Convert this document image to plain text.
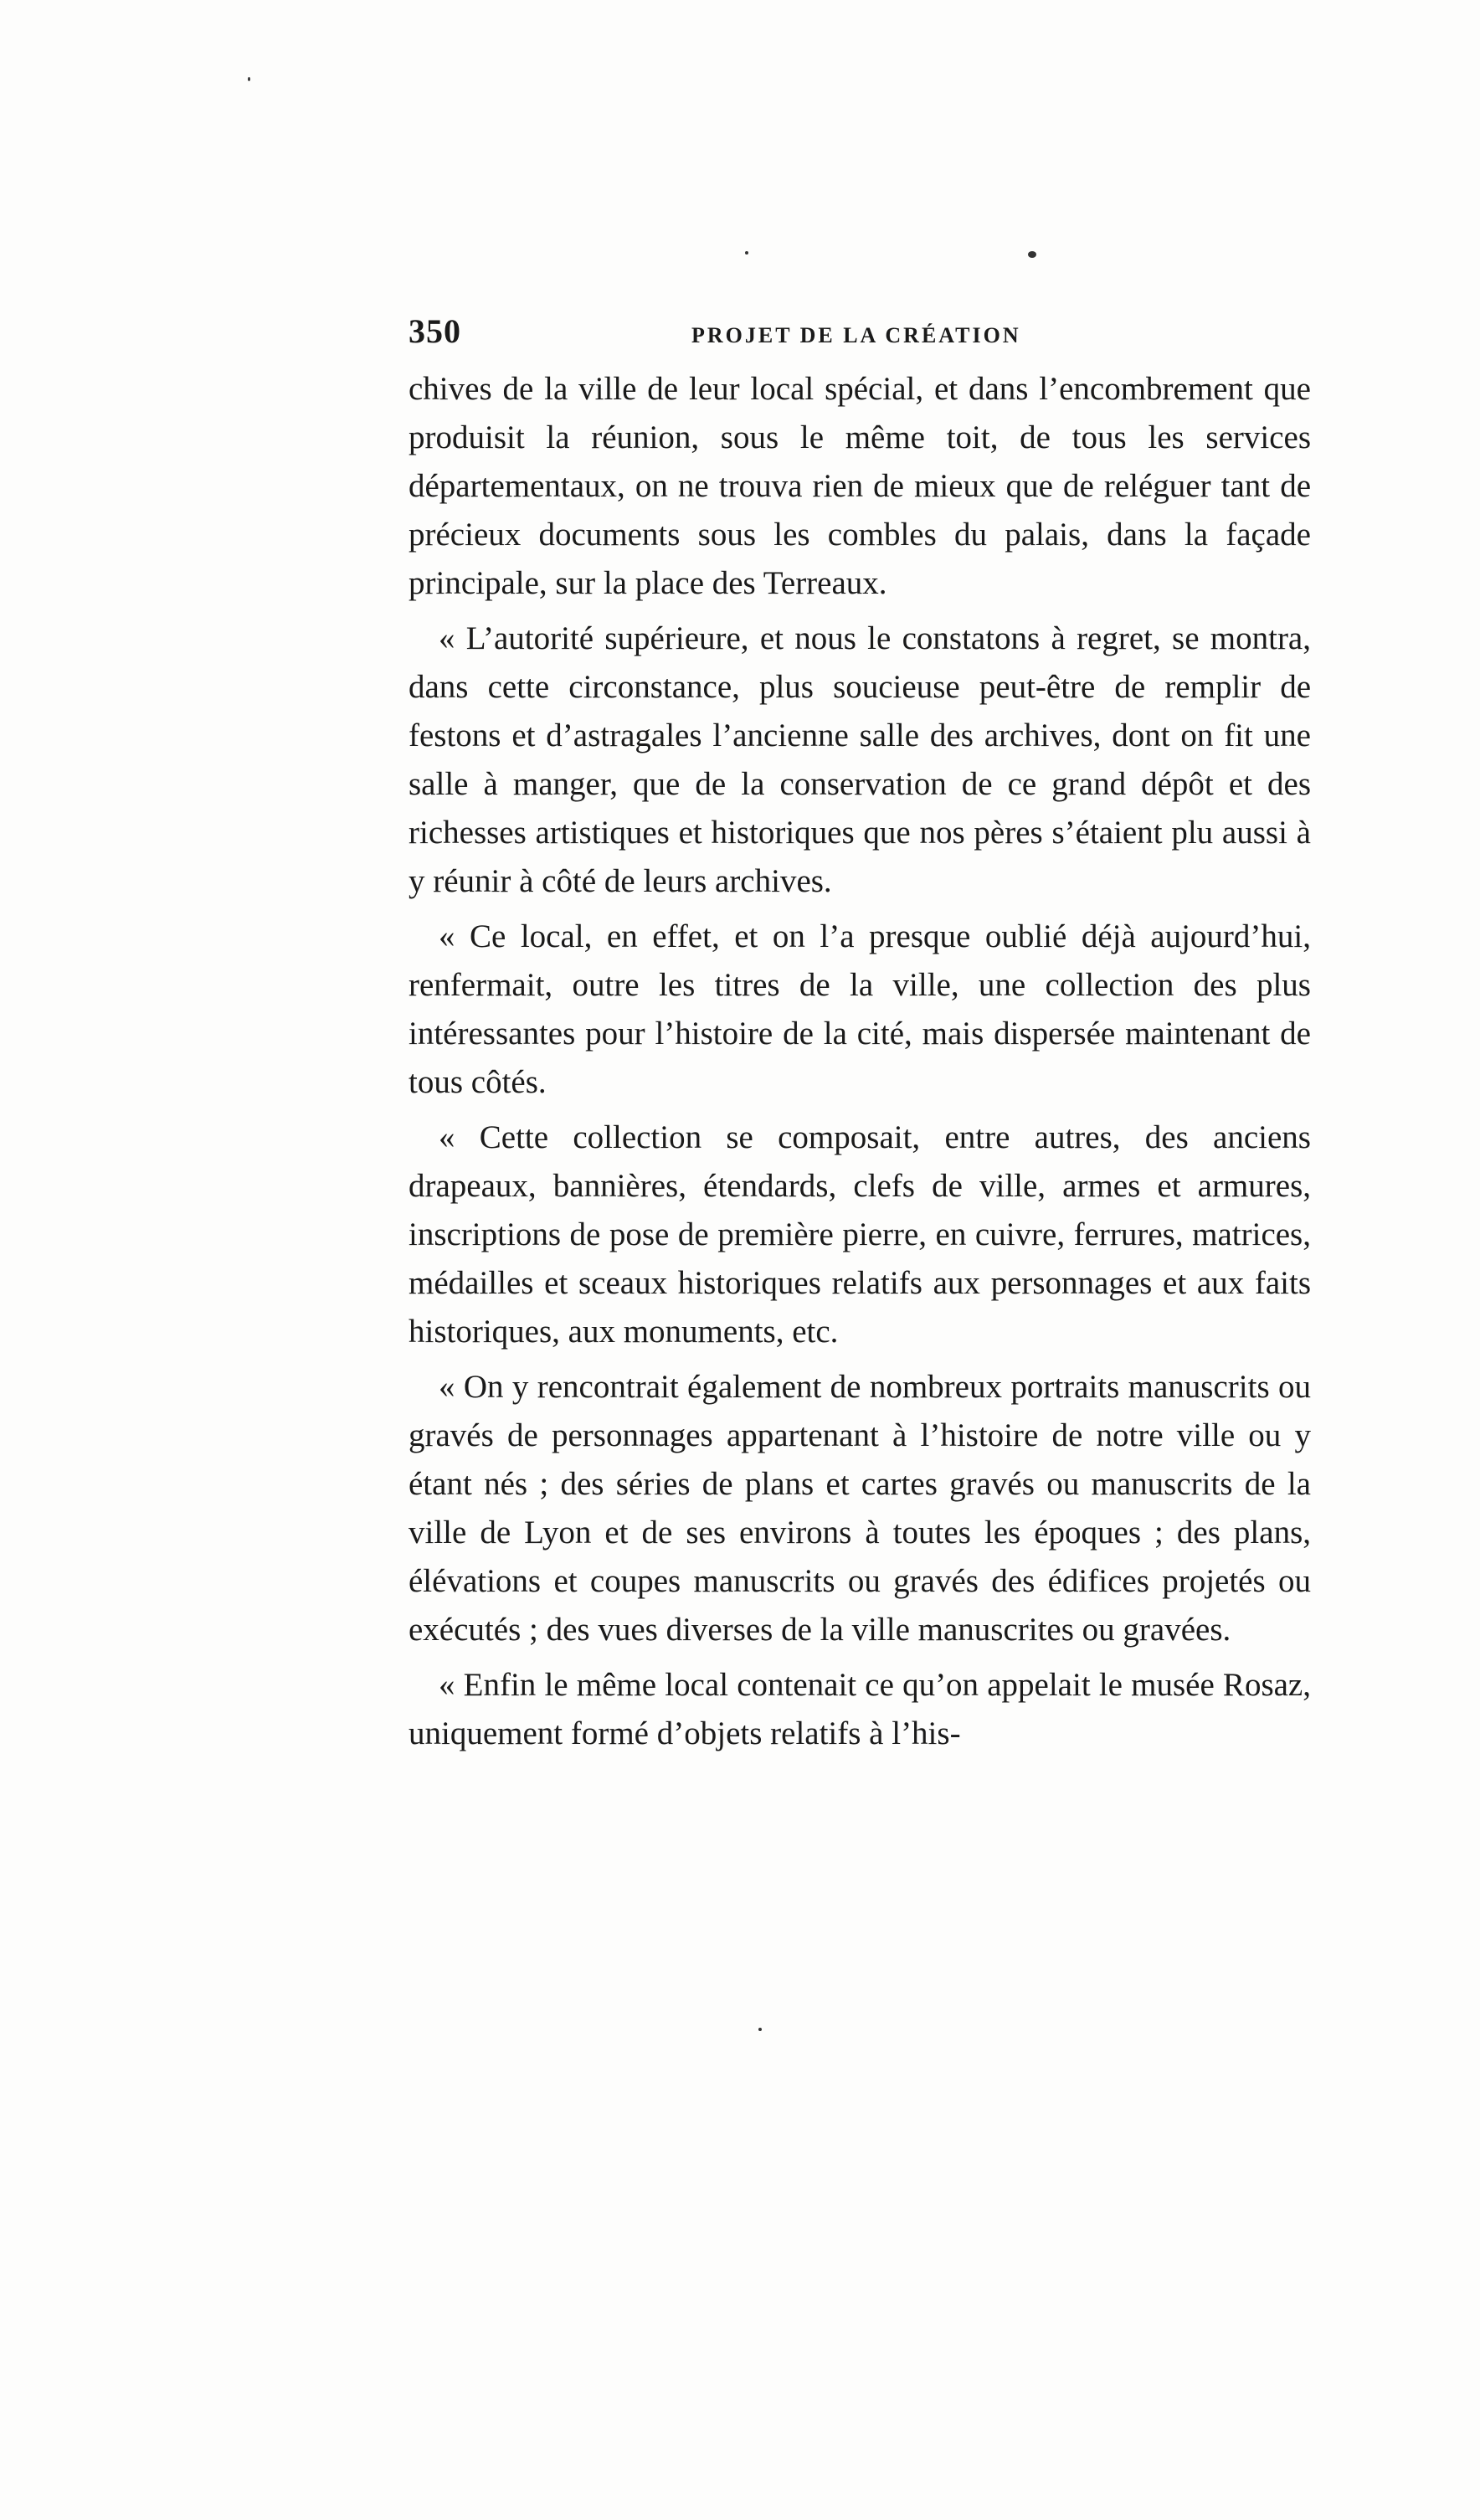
350	PROJET DE LA CRÉATION

chives de la ville de leur local spécial, et dans l’encombrement que produisit la réunion, sous le même toit, de tous les services départementaux, on ne trouva rien de mieux que de reléguer tant de précieux documents sous les combles du palais, dans la façade principale, sur la place des Terreaux.

« L’autorité supérieure, et nous le constatons à regret, se montra, dans cette circonstance, plus soucieuse peut-être de remplir de festons et d’astragales l’ancienne salle des archives, dont on fit une salle à manger, que de la conservation de ce grand dépôt et des richesses artistiques et historiques que nos pères s’étaient plu aussi à y réunir à côté de leurs archives.

« Ce local, en effet, et on l’a presque oublié déjà aujourd’hui, renfermait, outre les titres de la ville, une collection des plus intéressantes pour l’histoire de la cité, mais dispersée maintenant de tous côtés.

« Cette collection se composait, entre autres, des anciens drapeaux, bannières, étendards, clefs de ville, armes et armures, inscriptions de pose de première pierre, en cuivre, ferrures, matrices, médailles et sceaux historiques relatifs aux personnages et aux faits historiques, aux monuments, etc.

« On y rencontrait également de nombreux portraits manuscrits ou gravés de personnages appartenant à l’histoire de notre ville ou y étant nés ; des séries de plans et cartes gravés ou manuscrits de la ville de Lyon et de ses environs à toutes les époques ; des plans, élévations et coupes manuscrits ou gravés des édifices projetés ou exécutés ; des vues diverses de la ville manuscrites ou gravées.

« Enfin le même local contenait ce qu’on appelait le musée Rosaz, uniquement formé d’objets relatifs à l’his-
